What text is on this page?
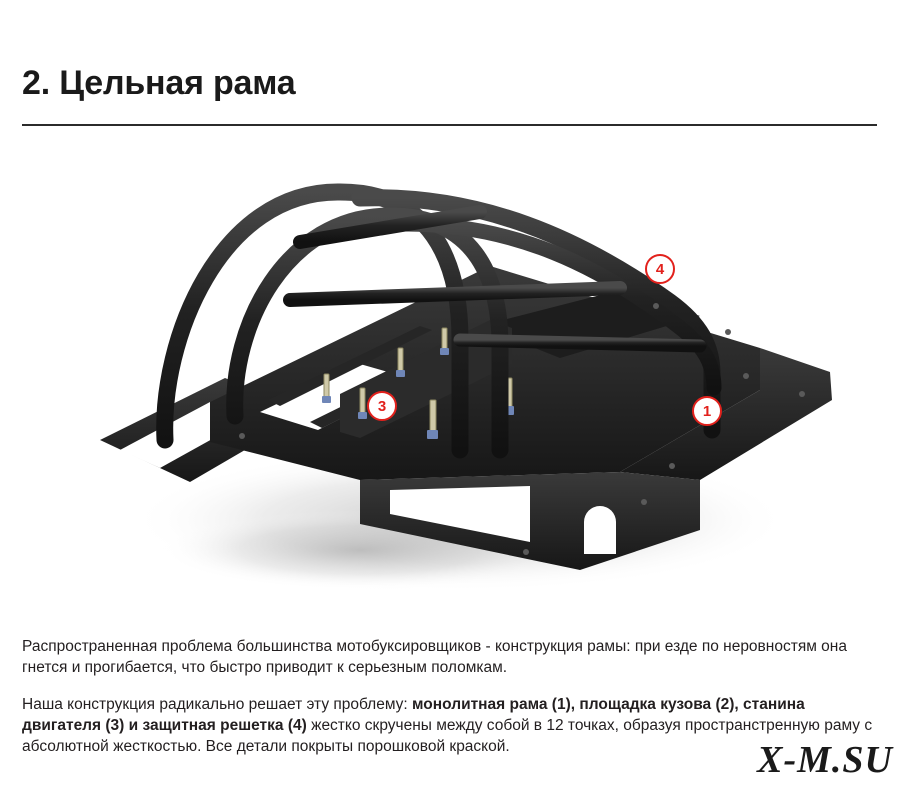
2. Цельная рама
1
3
4

Распространенная проблема большинства мотобуксировщиков - конструкция рамы: при езде по неровностям она гнется и прогибается, что быстро приводит к серьезным поломкам.

Наша конструкция радикально решает эту проблему: монолитная рама (1), площадка кузова (2), станина двигателя (3) и защитная решетка (4) жестко скручены между собой в 12 точках, образуя пространстренную раму с абсолютной жесткостью. Все детали покрыты порошковой краской.	X-M.SU
